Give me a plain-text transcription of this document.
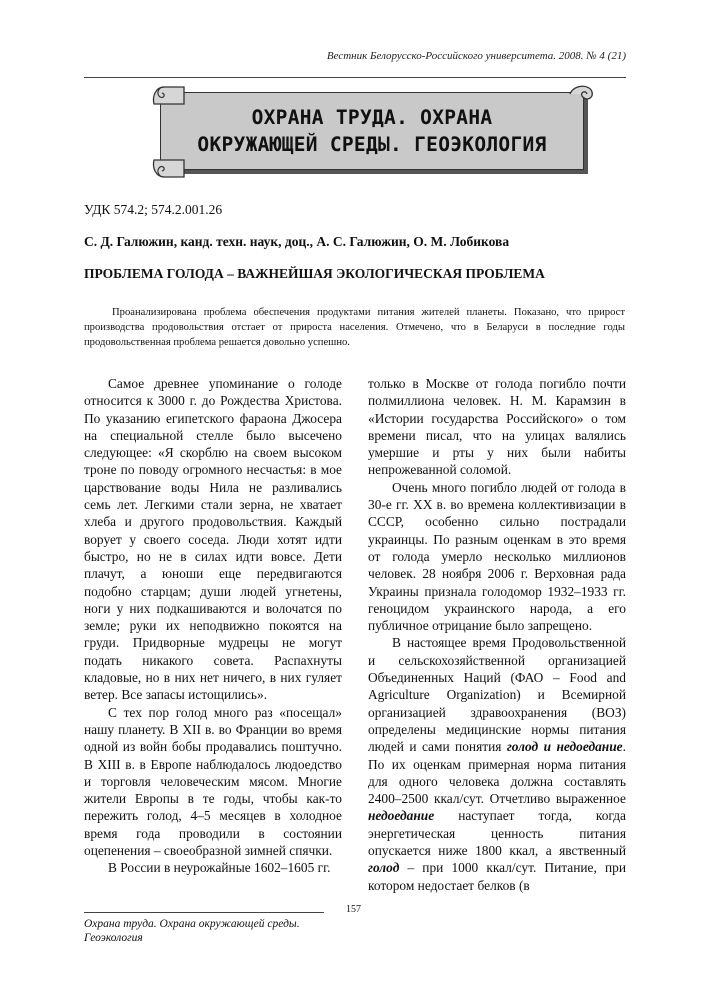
Вестник Белорусско-Российского университета. 2008. № 4 (21)
ОХРАНА ТРУДА. ОХРАНА
ОКРУЖАЮЩЕЙ СРЕДЫ. ГЕОЭКОЛОГИЯ
УДК 574.2; 574.2.001.26
С. Д. Галюжин, канд. техн. наук, доц., А. С. Галюжин, О. М. Лобикова
ПРОБЛЕМА ГОЛОДА – ВАЖНЕЙШАЯ ЭКОЛОГИЧЕСКАЯ ПРОБЛЕМА

Проанализирована проблема обеспечения продуктами питания жителей планеты. Показано, что прирост производства продовольствия отстает от прироста населения. Отмечено, что в Беларуси в последние годы продовольственная проблема решается довольно успешно.

Самое древнее упоминание о голоде относится к 3000 г. до Рождества Христова. По указанию египетского фараона Джосера на специальной стелле было высечено следующее: «Я скорблю на своем высоком троне по поводу огромного несчастья: в мое царствование воды Нила не разливались семь лет. Легкими стали зерна, не хватает хлеба и другого продовольствия. Каждый ворует у своего соседа. Люди хотят идти быстро, но не в силах идти вовсе. Дети плачут, а юноши еще передвигаются подобно старцам; души людей угнетены, ноги у них подкашиваются и волочатся по земле; руки их неподвижно покоятся на груди. Придворные мудрецы не могут подать никакого совета. Распахнуты кладовые, но в них нет ничего, в них гуляет ветер. Все запасы истощились».

С тех пор голод много раз «посещал» нашу планету. В XII в. во Франции во время одной из войн бобы продавались поштучно. В XIII в. в Европе наблюдалось людоедство и торговля человеческим мясом. Многие жители Европы в те годы, чтобы как-то пережить голод, 4–5 месяцев в холодное время года проводили в состоянии оцепенения – своеобразной зимней спячки.

В России в неурожайные 1602–1605 гг.

только в Москве от голода погибло почти полмиллиона человек. Н. М. Карамзин в «Истории государства Российского» о том времени писал, что на улицах валялись умершие и рты у них были набиты непрожеванной соломой.

Очень много погибло людей от голода в 30-е гг. XX в. во времена коллективизации в СССР, особенно сильно пострадали украинцы. По разным оценкам в это время от голода умерло несколько миллионов человек. 28 ноября 2006 г. Верховная рада Украины признала голодомор 1932–1933 гг. геноцидом украинского народа, а его публичное отрицание было запрещено.

В настоящее время Продовольственной и сельскохозяйственной организацией Объединенных Наций (ФАО – Food and Agriculture Organization) и Всемирной организацией здравоохранения (ВОЗ) определены медицинские нормы питания людей и сами понятия голод и недоедание. По их оценкам примерная норма питания для одного человека должна составлять 2400–2500 ккал/сут. Отчетливо выраженное недоедание наступает тогда, когда энергетическая ценность питания опускается ниже 1800 ккал, а явственный голод – при 1000 ккал/сут. Питание, при котором недостает белков (в

157
Охрана труда. Охрана окружающей среды.
Геоэкология
